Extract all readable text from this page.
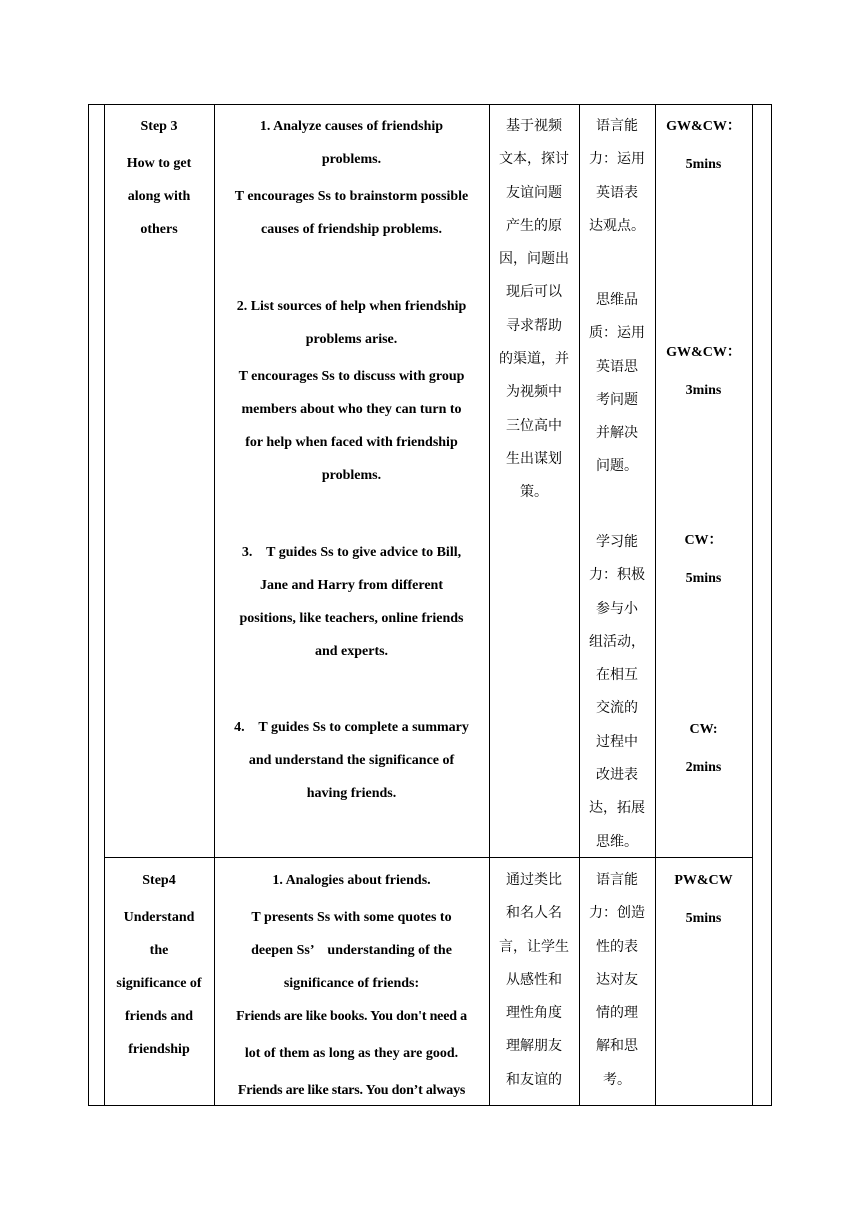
Step 3

How to get

along with

others

1. Analyze causes of friendship

problems.

T encourages Ss to brainstorm possible

causes of friendship problems.

2. List sources of help when friendship

problems arise.

T encourages Ss to discuss with group

members about who they can turn to

for help when faced with friendship

problems.

3.    T guides Ss to give advice to Bill,

Jane and Harry from different

positions, like teachers, online friends

and experts.

4.    T guides Ss to complete a summary

and understand the significance of

having friends.

基于视频

文本，探讨

友谊问题

产生的原

因，问题出

现后可以

寻求帮助

的渠道，并

为视频中

三位高中

生出谋划

策。

语言能

力：运用

英语表

达观点。

思维品

质：运用

英语思

考问题

并解决

问题。

学习能

力：积极

参与小

组活动，

在相互

交流的

过程中

改进表

达，拓展

思维。

GW&CW：

5mins

GW&CW：

3mins

CW：

5mins

CW:

2mins

Step4

Understand

the

significance of

friends and

friendship

1. Analogies about friends.

T presents Ss with some quotes to

deepen Ss’    understanding of the

significance of friends:

Friends are like books. You don't need a

lot of them as long as they are good.

Friends are like stars. You don’t always

通过类比

和名人名

言，让学生

从感性和

理性角度

理解朋友

和友谊的

语言能

力：创造

性的表

达对友

情的理

解和思

考。

PW&CW

5mins
